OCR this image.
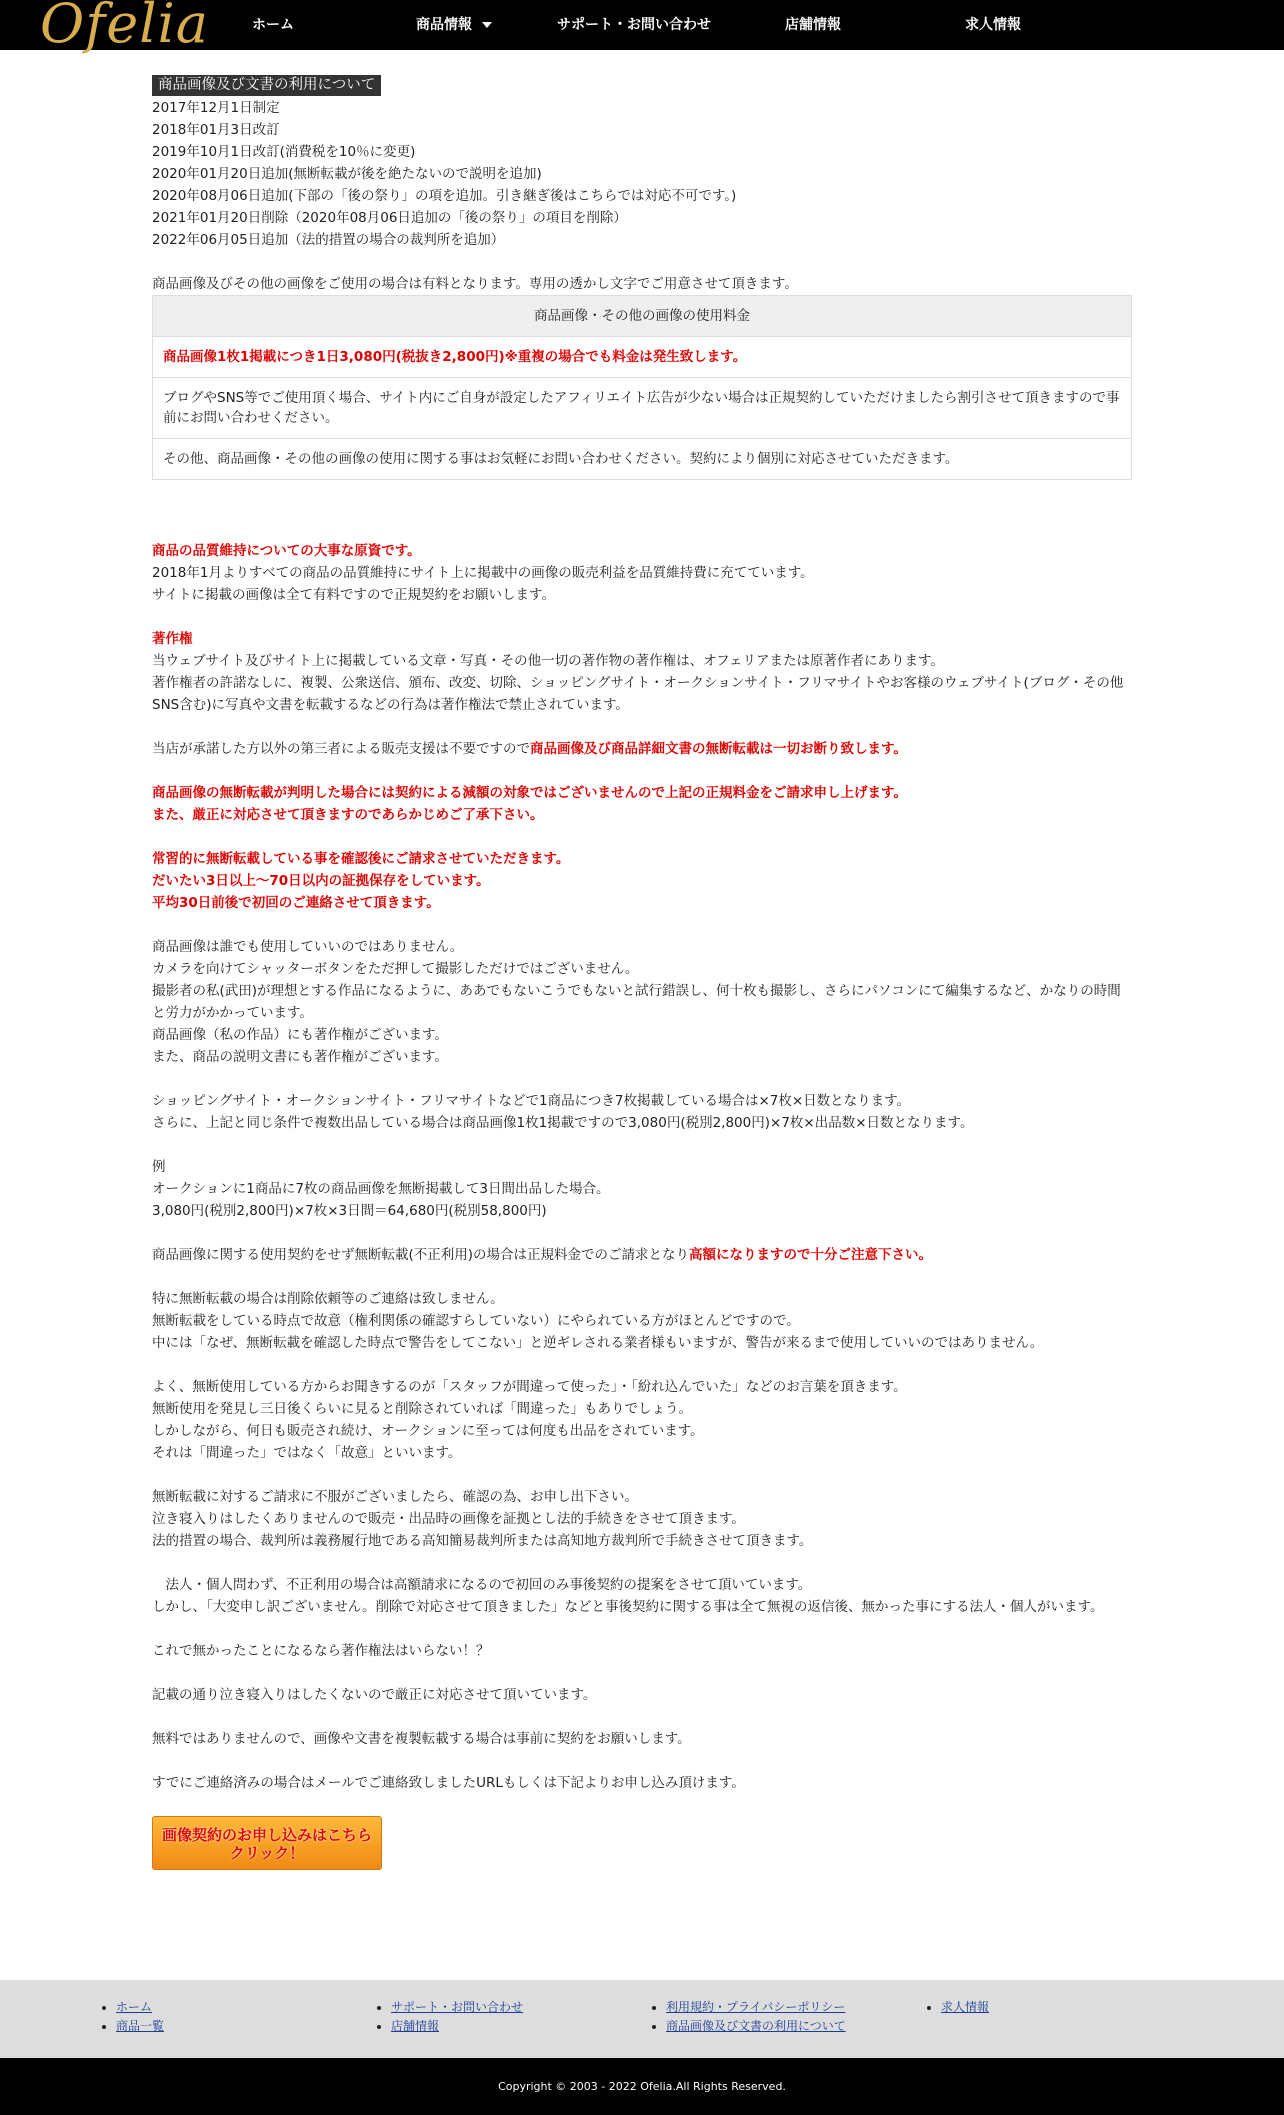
Ofelia	ホーム	商品情報	サポート・お問い合わせ	店舗情報	求人情報
商品画像及び文書の利用について

2017年12月1日制定

2018年01月3日改訂

2019年10月1日改訂(消費税を10％に変更)

2020年01月20日追加(無断転載が後を絶たないので説明を追加)

2020年08月06日追加(下部の「後の祭り」の項を追加。引き継ぎ後はこちらでは対応不可です。)

2021年01月20日削除（2020年08月06日追加の「後の祭り」の項目を削除）

2022年06月05日追加（法的措置の場合の裁判所を追加）

商品画像及びその他の画像をご使用の場合は有料となります。専用の透かし文字でご用意させて頂きます。

商品画像・その他の画像の使用料金
商品画像1枚1掲載につき1日3,080円(税抜き2,800円)※重複の場合でも料金は発生致します。
ブログやSNS等でご使用頂く場合、サイト内にご自身が設定したアフィリエイト広告が少ない場合は正規契約していただけましたら割引させて頂きますので事前にお問い合わせください。
その他、商品画像・その他の画像の使用に関する事はお気軽にお問い合わせください。契約により個別に対応させていただきます。

商品の品質維持についての大事な原資です。

2018年1月よりすべての商品の品質維持にサイト上に掲載中の画像の販売利益を品質維持費に充てています。

サイトに掲載の画像は全て有料ですので正規契約をお願いします。

著作権

当ウェブサイト及びサイト上に掲載している文章・写真・その他一切の著作物の著作権は、オフェリアまたは原著作者にあります。

著作権者の許諾なしに、複製、公衆送信、頒布、改変、切除、ショッピングサイト・オークションサイト・フリマサイトやお客様のウェブサイト(ブログ・その他SNS含む)に写真や文書を転載するなどの行為は著作権法で禁止されています。

当店が承諾した方以外の第三者による販売支援は不要ですので商品画像及び商品詳細文書の無断転載は一切お断り致します。

商品画像の無断転載が判明した場合には契約による減額の対象ではございませんので上記の正規料金をご請求申し上げます。

また、厳正に対応させて頂きますのであらかじめご了承下さい。

常習的に無断転載している事を確認後にご請求させていただきます。

だいたい3日以上～70日以内の証拠保存をしています。

平均30日前後で初回のご連絡させて頂きます。

商品画像は誰でも使用していいのではありません。

カメラを向けてシャッターボタンをただ押して撮影しただけではございません。

撮影者の私(武田)が理想とする作品になるように、ああでもないこうでもないと試行錯誤し、何十枚も撮影し、さらにパソコンにて編集するなど、かなりの時間と労力がかかっています。

商品画像（私の作品）にも著作権がございます。

また、商品の説明文書にも著作権がございます。

ショッピングサイト・オークションサイト・フリマサイトなどで1商品につき7枚掲載している場合は×7枚×日数となります。

さらに、上記と同じ条件で複数出品している場合は商品画像1枚1掲載ですので3,080円(税別2,800円)×7枚×出品数×日数となります。

例

オークションに1商品に7枚の商品画像を無断掲載して3日間出品した場合。

3,080円(税別2,800円)×7枚×3日間＝64,680円(税別58,800円)

商品画像に関する使用契約をせず無断転載(不正利用)の場合は正規料金でのご請求となり高額になりますので十分ご注意下さい。

特に無断転載の場合は削除依頼等のご連絡は致しません。

無断転載をしている時点で故意（権利関係の確認すらしていない）にやられている方がほとんどですので。

中には「なぜ、無断転載を確認した時点で警告をしてこない」と逆ギレされる業者様もいますが、警告が来るまで使用していいのではありません。

よく、無断使用している方からお聞きするのが「スタッフが間違って使った」・「紛れ込んでいた」などのお言葉を頂きます。

無断使用を発見し三日後くらいに見ると削除されていれば「間違った」もありでしょう。

しかしながら、何日も販売され続け、オークションに至っては何度も出品をされています。

それは「間違った」ではなく「故意」といいます。

無断転載に対するご請求に不服がございましたら、確認の為、お申し出下さい。

泣き寝入りはしたくありませんので販売・出品時の画像を証拠とし法的手続きをさせて頂きます。

法的措置の場合、裁判所は義務履行地である高知簡易裁判所または高知地方裁判所で手続きさせて頂きます。

　法人・個人問わず、不正利用の場合は高額請求になるので初回のみ事後契約の提案をさせて頂いています。

しかし、「大変申し訳ございません。削除で対応させて頂きました」などと事後契約に関する事は全て無視の返信後、無かった事にする法人・個人がいます。

これで無かったことになるなら著作権法はいらない！？

記載の通り泣き寝入りはしたくないので厳正に対応させて頂いています。

無料ではありませんので、画像や文書を複製転載する場合は事前に契約をお願いします。

すでにご連絡済みの場合はメールでご連絡致しましたURLもしくは下記よりお申し込み頂けます。

画像契約のお申し込みはこちら
クリック！
• ホーム
• 商品一覧
• サポート・お問い合わせ
• 店舗情報
• 利用規約・プライバシーポリシー
• 商品画像及び文書の利用について
• 求人情報
Copyright © 2003 - 2022 Ofelia.All Rights Reserved.
